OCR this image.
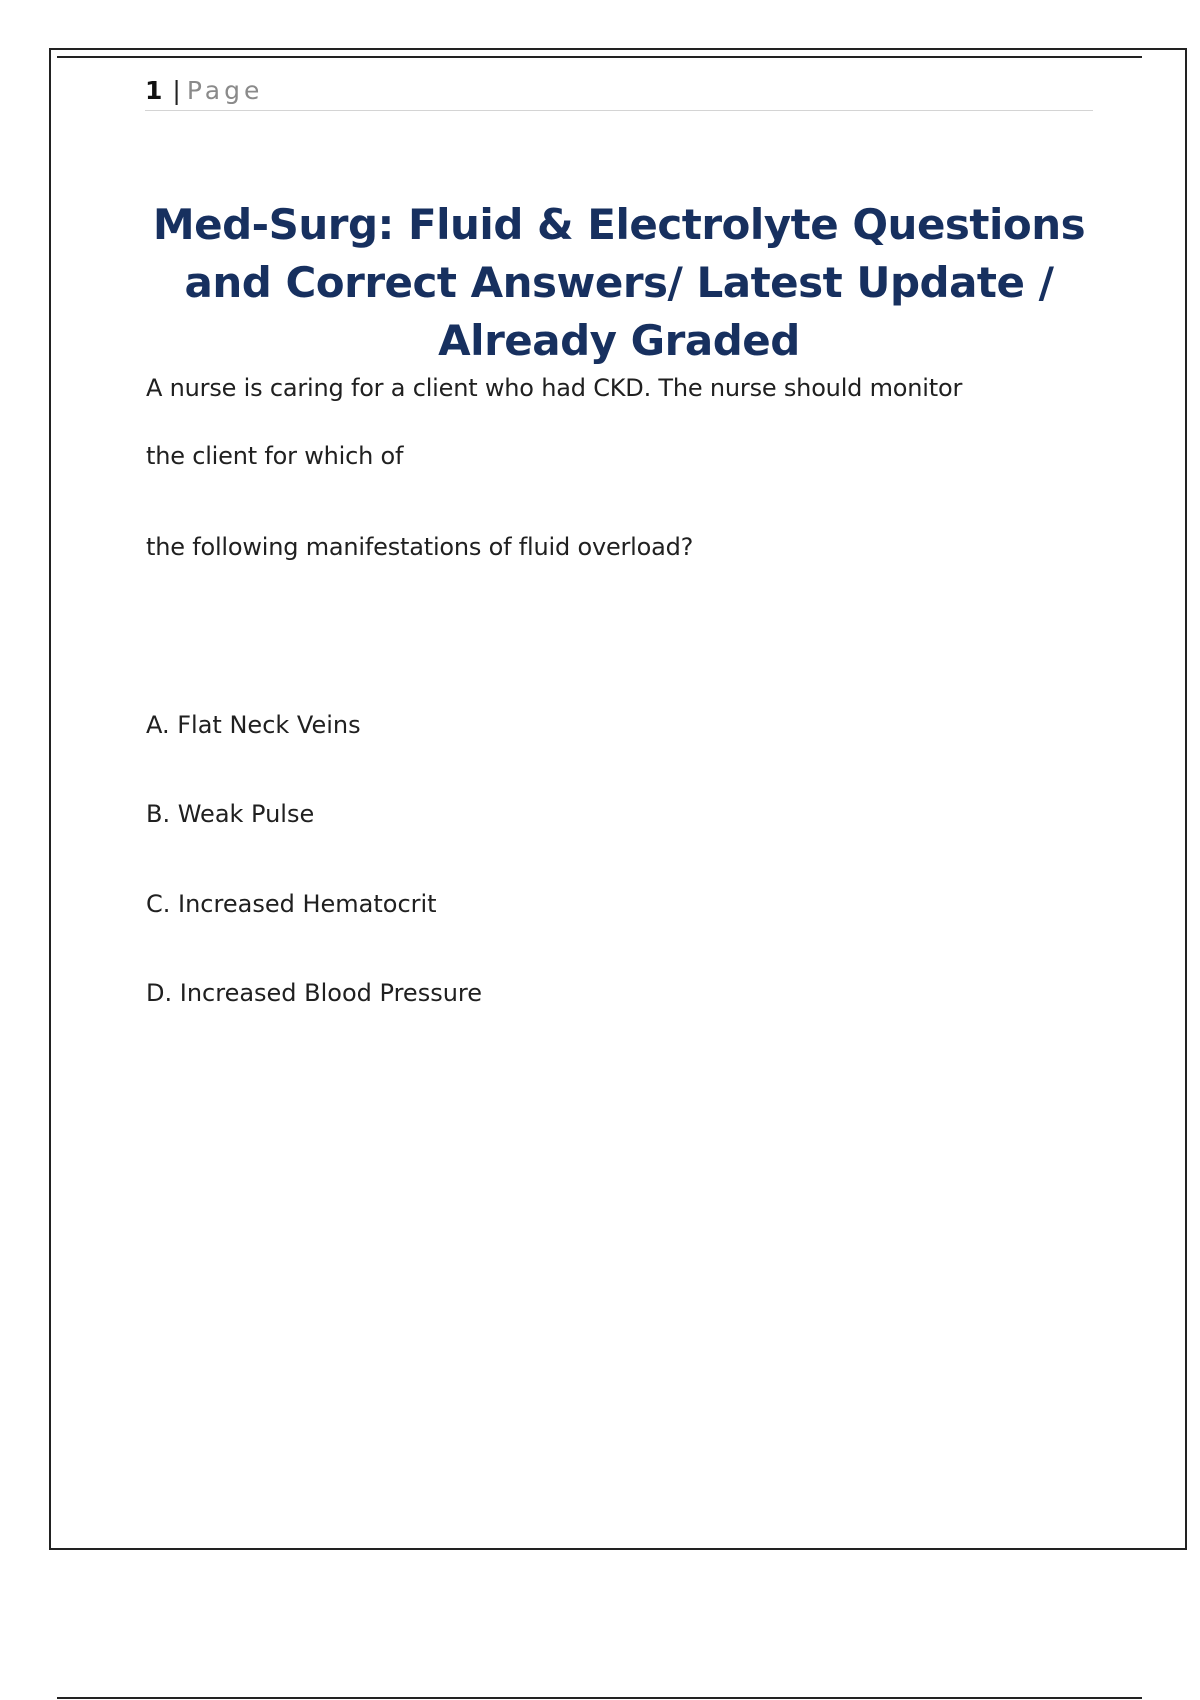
1 | Page
Med-Surg: Fluid & Electrolyte Questions and Correct Answers/ Latest Update / Already Graded

A nurse is caring for a client who had CKD. The nurse should monitor

the client for which of

the following manifestations of fluid overload?

A. Flat Neck Veins

B. Weak Pulse

C. Increased Hematocrit

D. Increased Blood Pressure
